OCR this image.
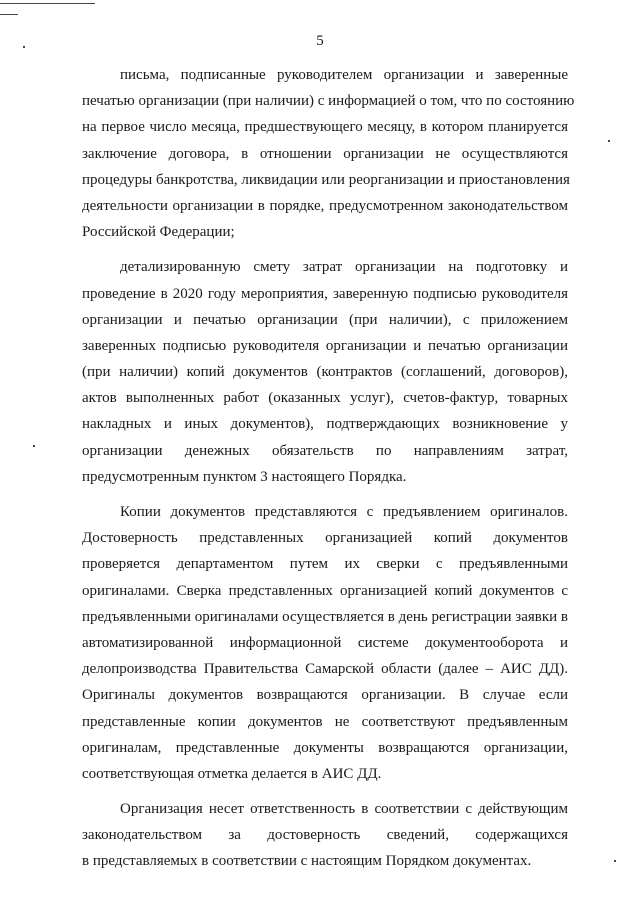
5
письма, подписанные руководителем организации и заверенные
печатью организации (при наличии) с информацией о том, что по состоянию
на первое число месяца, предшествующего месяцу, в котором планируется
заключение договора, в отношении организации не осуществляются
процедуры банкротства, ликвидации или реорганизации и приостановления
деятельности организации в порядке, предусмотренном законодательством
Российской Федерации;
детализированную смету затрат организации на подготовку и
проведение в 2020 году мероприятия, заверенную подписью руководителя
организации и печатью организации (при наличии), с приложением
заверенных подписью руководителя организации и печатью организации
(при наличии) копий документов (контрактов (соглашений, договоров),
актов выполненных работ (оказанных услуг), счетов-фактур, товарных
накладных и иных документов), подтверждающих возникновение у
организации денежных обязательств по направлениям затрат,
предусмотренным пунктом 3 настоящего Порядка.
Копии документов представляются с предъявлением оригиналов.
Достоверность представленных организацией копий документов
проверяется департаментом путем их сверки с предъявленными
оригиналами. Сверка представленных организацией копий документов с
предъявленными оригиналами осуществляется в день регистрации заявки в
автоматизированной информационной системе документооборота и
делопроизводства Правительства Самарской области (далее – АИС ДД).
Оригиналы документов возвращаются организации. В случае если
представленные копии документов не соответствуют предъявленным
оригиналам, представленные документы возвращаются организации,
соответствующая отметка делается в АИС ДД.
Организация несет ответственность в соответствии с действующим
законодательством за достоверность сведений, содержащихся
в представляемых в соответствии с настоящим Порядком документах.
